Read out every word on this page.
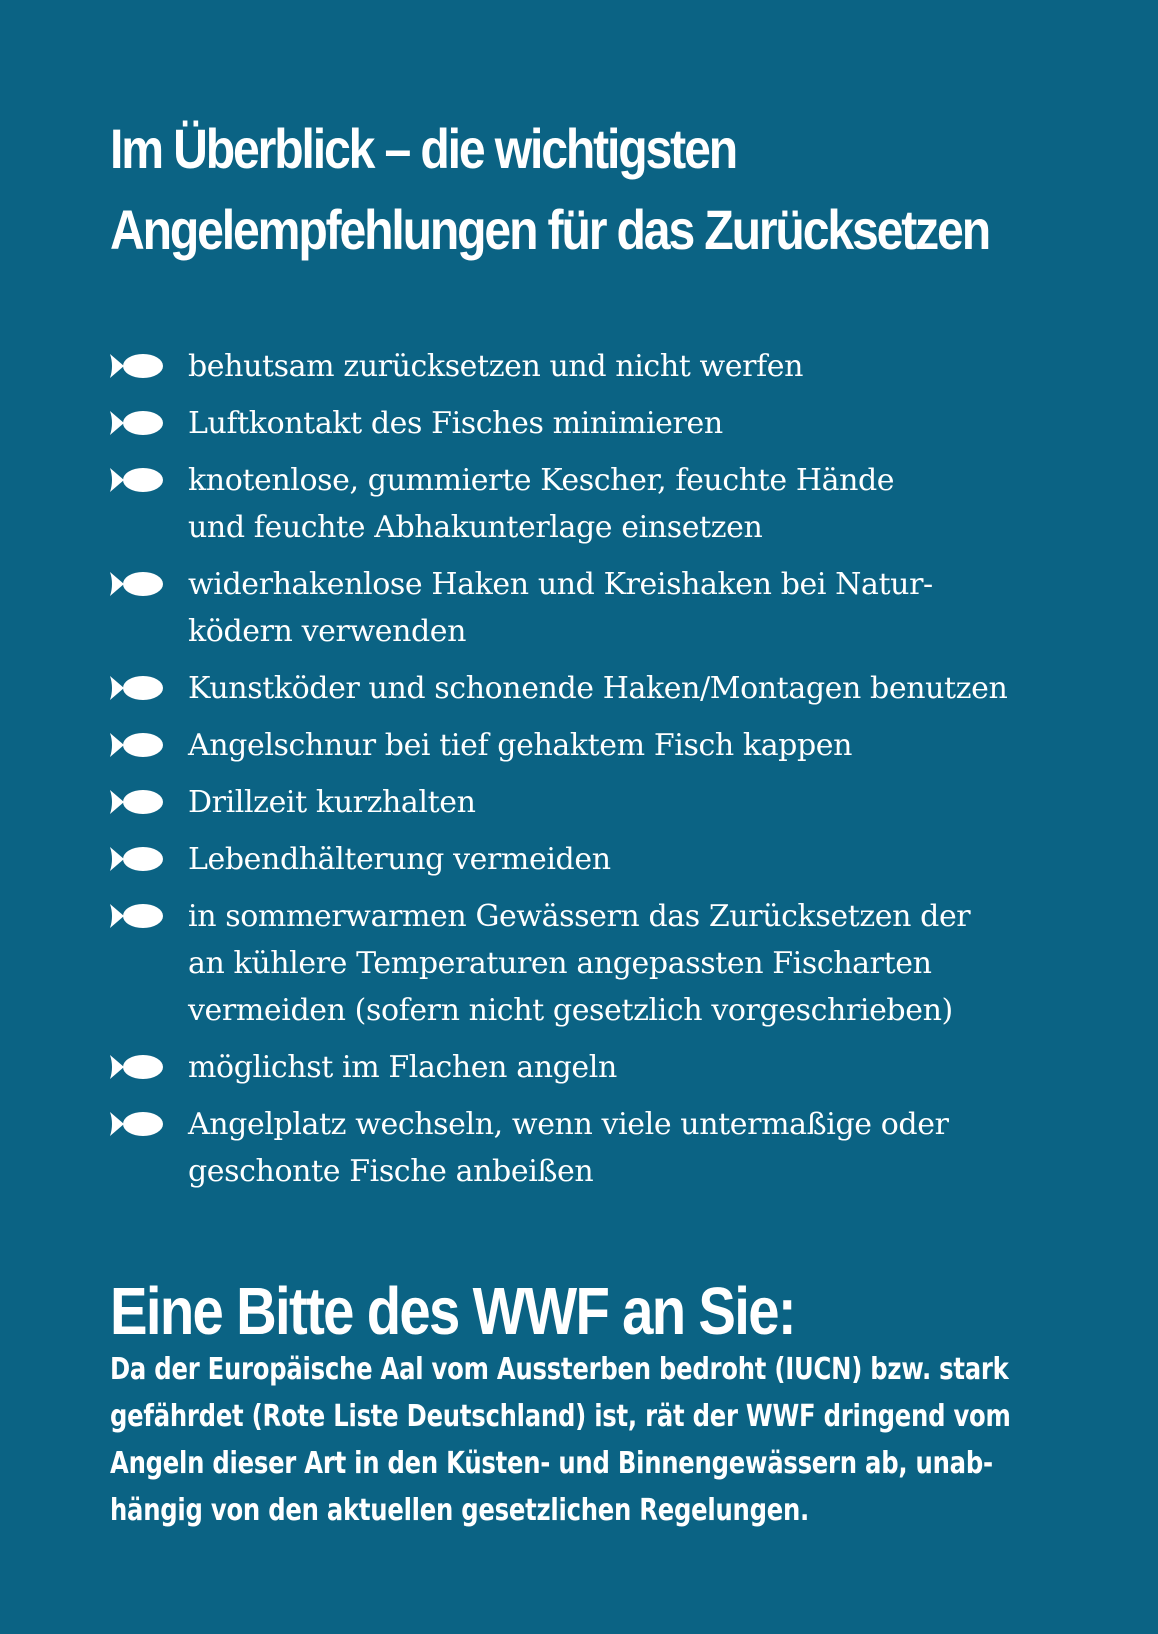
Im Überblick – die wichtigsten
Angelempfehlungen für das Zurücksetzen
behutsam zurücksetzen und nicht werfen
Luftkontakt des Fisches minimieren
knotenlose, gummierte Kescher, feuchte Hände
und feuchte Abhakunterlage einsetzen
widerhakenlose Haken und Kreishaken bei Natur-
ködern verwenden
Kunstköder und schonende Haken/Montagen benutzen
Angelschnur bei tief gehaktem Fisch kappen
Drillzeit kurzhalten
Lebendhälterung vermeiden
in sommerwarmen Gewässern das Zurücksetzen der
an kühlere Temperaturen angepassten Fischarten
vermeiden (sofern nicht gesetzlich vorgeschrieben)
möglichst im Flachen angeln
Angelplatz wechseln, wenn viele untermaßige oder
geschonte Fische anbeißen
Eine Bitte des WWF an Sie:

Da der Europäische Aal vom Aussterben bedroht (IUCN) bzw. stark
gefährdet (Rote Liste Deutschland) ist, rät der WWF dringend vom
Angeln dieser Art in den Küsten- und Binnengewässern ab, unab-
hängig von den aktuellen gesetzlichen Regelungen.
